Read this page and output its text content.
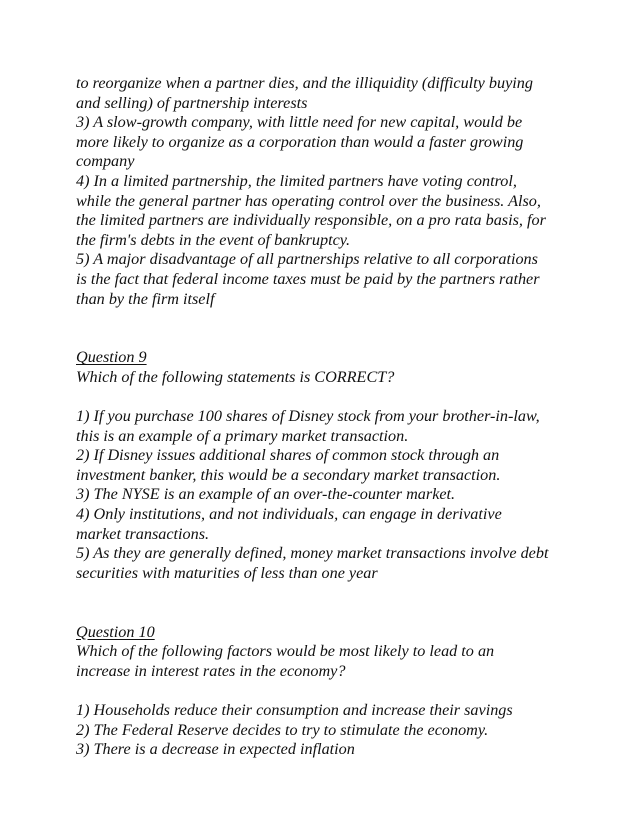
to reorganize when a partner dies, and the illiquidity (difficulty buying
and selling) of partnership interests
3) A slow-growth company, with little need for new capital, would be
more likely to organize as a corporation than would a faster growing
company
4) In a limited partnership, the limited partners have voting control,
while the general partner has operating control over the business. Also,
the limited partners are individually responsible, on a pro rata basis, for
the firm's debts in the event of bankruptcy.
5) A major disadvantage of all partnerships relative to all corporations
is the fact that federal income taxes must be paid by the partners rather
than by the firm itself
Question 9
Which of the following statements is CORRECT?
1) If you purchase 100 shares of Disney stock from your brother-in-law,
this is an example of a primary market transaction.
2) If Disney issues additional shares of common stock through an
investment banker, this would be a secondary market transaction.
3) The NYSE is an example of an over-the-counter market.
4) Only institutions, and not individuals, can engage in derivative
market transactions.
5) As they are generally defined, money market transactions involve debt
securities with maturities of less than one year
Question 10
Which of the following factors would be most likely to lead to an
increase in interest rates in the economy?
1) Households reduce their consumption and increase their savings
2) The Federal Reserve decides to try to stimulate the economy.
3) There is a decrease in expected inflation
